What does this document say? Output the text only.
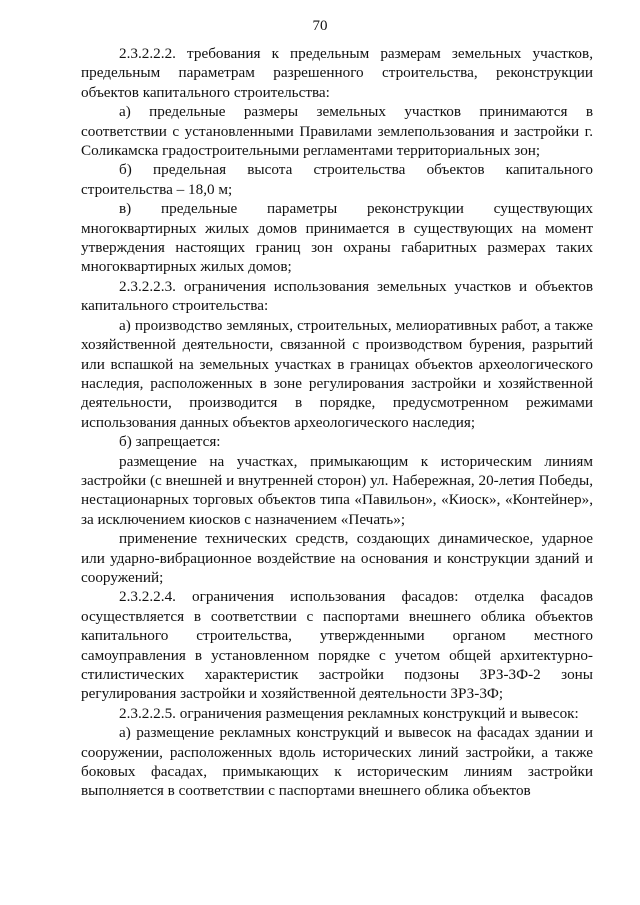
70

2.3.2.2.2. требования к предельным размерам земельных участков, предельным параметрам разрешенного строительства, реконструкции объектов капитального строительства:

а) предельные размеры земельных участков принимаются в соответствии с установленными Правилами землепользования и застройки г. Соликамска градостроительными регламентами территориальных зон;

б) предельная высота строительства объектов капитального строительства – 18,0 м;

в) предельные параметры реконструкции существующих многоквартирных жилых домов принимается в существующих на момент утверждения настоящих границ зон охраны габаритных размерах таких многоквартирных жилых домов;

2.3.2.2.3. ограничения использования земельных участков и объектов капитального строительства:

а) производство земляных, строительных, мелиоративных работ, а также хозяйственной деятельности, связанной с производством бурения, разрытий или вспашкой на земельных участках в границах объектов археологического наследия, расположенных в зоне регулирования застройки и хозяйственной деятельности, производится в порядке, предусмотренном режимами использования данных объектов археологического наследия;

б) запрещается:

размещение на участках, примыкающим к историческим линиям застройки (с внешней и внутренней сторон) ул. Набережная, 20-летия Победы, нестационарных торговых объектов типа «Павильон», «Киоск», «Контейнер», за исключением киосков с назначением «Печать»;

применение технических средств, создающих динамическое, ударное или ударно-вибрационное воздействие на основания и конструкции зданий и сооружений;

2.3.2.2.4. ограничения использования фасадов: отделка фасадов осуществляется в соответствии с паспортами внешнего облика объектов капитального строительства, утвержденными органом местного самоуправления в установленном порядке с учетом общей архитектурно-стилистических характеристик застройки подзоны ЗРЗ-3Ф-2 зоны регулирования застройки и хозяйственной деятельности ЗРЗ-3Ф;

2.3.2.2.5. ограничения размещения рекламных конструкций и вывесок:

а) размещение рекламных конструкций и вывесок на фасадах здании и сооружении, расположенных вдоль исторических линий застройки, а также боковых фасадах, примыкающих к историческим линиям застройки выполняется в соответствии с паспортами внешнего облика объектов
